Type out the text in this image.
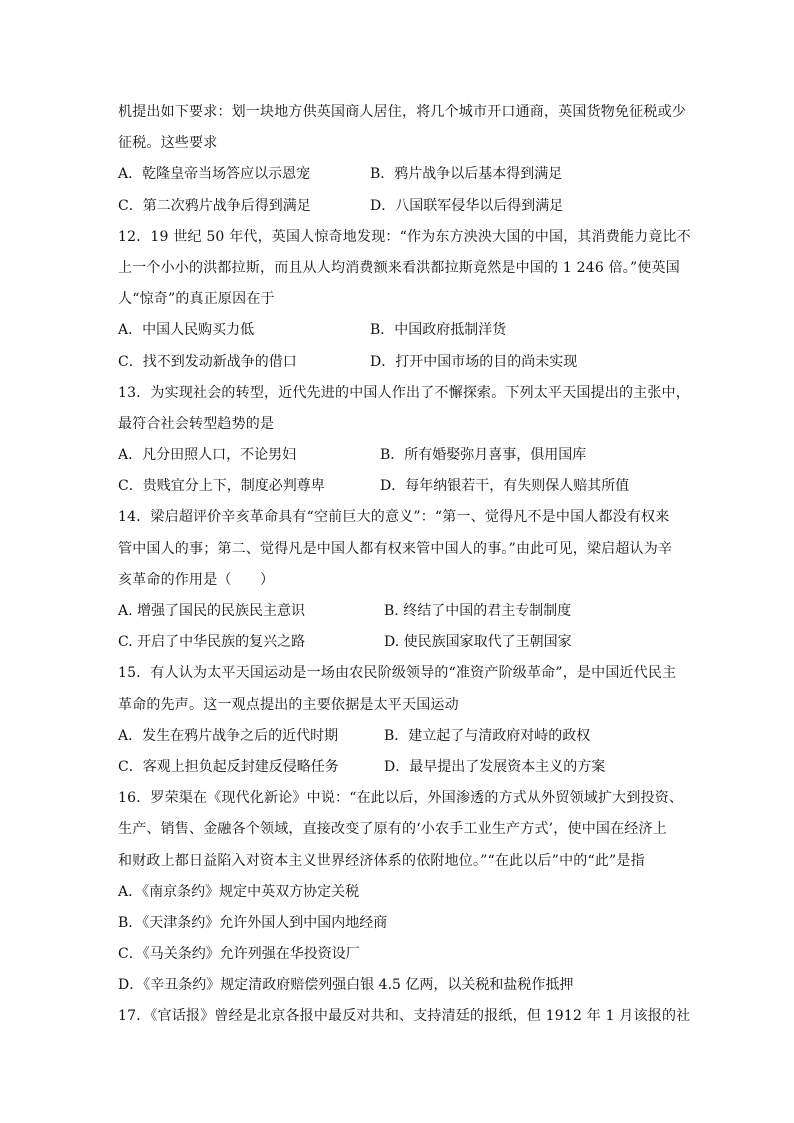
机提出如下要求：划一块地方供英国商人居住，将几个城市开口通商，英国货物免征税或少
征税。这些要求
A．乾隆皇帝当场答应以示恩宠	B．鸦片战争以后基本得到满足
C．第二次鸦片战争后得到满足	D．八国联军侵华以后得到满足
12．19 世纪 50 年代，英国人惊奇地发现：“作为东方泱泱大国的中国，其消费能力竟比不
上一个小小的洪都拉斯，而且从人均消费额来看洪都拉斯竟然是中国的 1 246 倍。”使英国
人“惊奇”的真正原因在于
A．中国人民购买力低	B．中国政府抵制洋货
C．找不到发动新战争的借口	D．打开中国市场的目的尚未实现
13．为实现社会的转型，近代先进的中国人作出了不懈探索。下列太平天国提出的主张中，
最符合社会转型趋势的是
A．凡分田照人口，不论男妇	B．所有婚娶弥月喜事，俱用国库
C．贵贱宜分上下，制度必判尊卑	D．每年纳银若干，有失则保人赔其所值
14．梁启超评价辛亥革命具有“空前巨大的意义”：“第一、觉得凡不是中国人都没有权来
管中国人的事；第二、觉得凡是中国人都有权来管中国人的事。”由此可见，梁启超认为辛
亥革命的作用是（　　）
A. 增强了国民的民族民主意识	B. 终结了中国的君主专制制度
C. 开启了中华民族的复兴之路	D. 使民族国家取代了王朝国家
15．有人认为太平天国运动是一场由农民阶级领导的“准资产阶级革命”，是中国近代民主
革命的先声。这一观点提出的主要依据是太平天国运动
A．发生在鸦片战争之后的近代时期	B．建立起了与清政府对峙的政权
C．客观上担负起反封建反侵略任务	D．最早提出了发展资本主义的方案
16．罗荣渠在《现代化新论》中说：“在此以后，外国渗透的方式从外贸领域扩大到投资、
生产、销售、金融各个领域，直接改变了原有的‘小农手工业生产方式’，使中国在经济上
和财政上都日益陷入对资本主义世界经济体系的依附地位。”“在此以后”中的“此”是指
A．《南京条约》规定中英双方协定关税
B．《天津条约》允许外国人到中国内地经商
C．《马关条约》允许列强在华投资设厂
D．《辛丑条约》规定清政府赔偿列强白银 4.5 亿两，以关税和盐税作抵押
17．《官话报》曾经是北京各报中最反对共和、支持清廷的报纸，但 1912 年 1 月该报的社
